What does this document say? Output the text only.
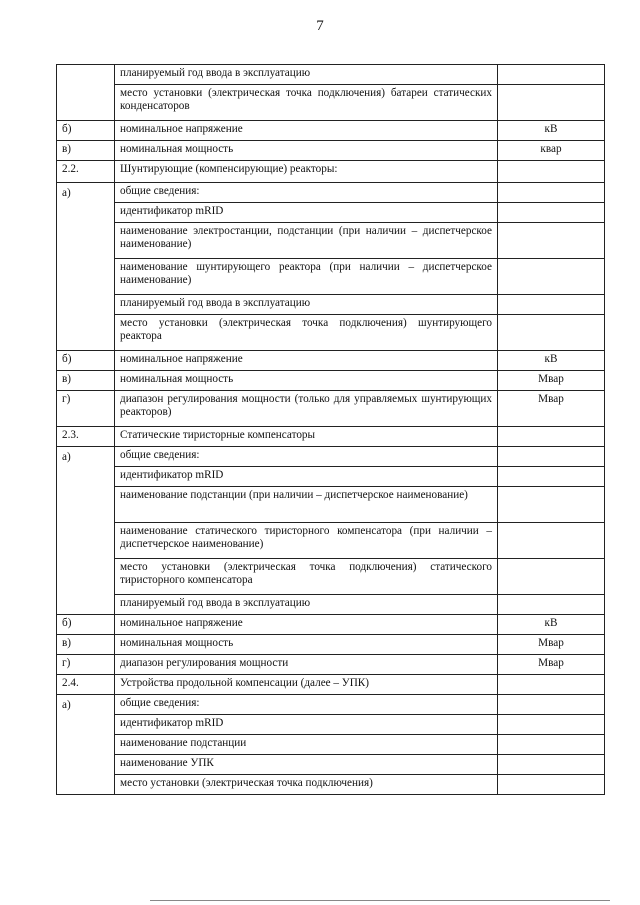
7
	планируемый год ввода в эксплуатацию	
	место установки (электрическая точка подключения) батареи статических конденсаторов	
б)	номинальное напряжение	кВ
в)	номинальная мощность	квар
2.2.	Шунтирующие (компенсирующие) реакторы:	
а)	общие сведения:	
	идентификатор mRID	
	наименование электростанции, подстанции (при наличии – диспетчерское наименование)	
	наименование шунтирующего реактора (при наличии – диспетчерское наименование)	
	планируемый год ввода в эксплуатацию	
	место установки (электрическая точка подключения) шунтирующего реактора	
б)	номинальное напряжение	кВ
в)	номинальная мощность	Мвар
г)	диапазон регулирования мощности (только для управляемых шунтирующих реакторов)	Мвар
2.3.	Статические тиристорные компенсаторы	
а)	общие сведения:	
	идентификатор mRID	
	наименование подстанции (при наличии – диспетчерское наименование)	
	наименование статического тиристорного компенсатора (при наличии – диспетчерское наименование)	
	место установки (электрическая точка подключения) статического тиристорного компенсатора	
	планируемый год ввода в эксплуатацию	
б)	номинальное напряжение	кВ
в)	номинальная мощность	Мвар
г)	диапазон регулирования мощности	Мвар
2.4.	Устройства продольной компенсации (далее – УПК)	
а)	общие сведения:	
	идентификатор mRID	
	наименование подстанции	
	наименование УПК	
	место установки (электрическая точка подключения)	
